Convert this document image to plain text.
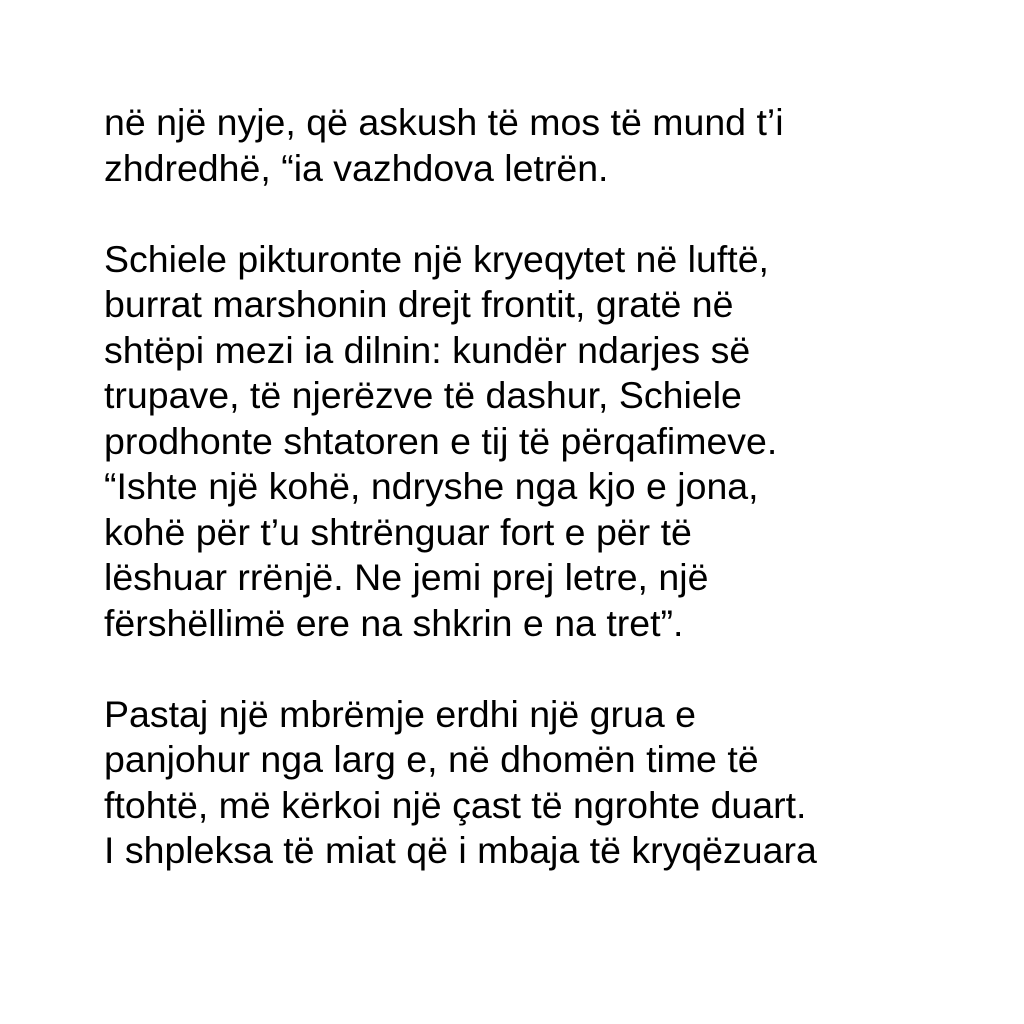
në një nyje, që askush të mos të mund t’i
zhdredhë, “ia vazhdova letrën.
Schiele pikturonte një kryeqytet në luftë,
burrat marshonin drejt frontit, gratë në
shtëpi mezi ia dilnin: kundër ndarjes së
trupave, të njerëzve të dashur, Schiele
prodhonte shtatoren e tij të përqafimeve.
“Ishte një kohë, ndryshe nga kjo e jona,
kohë për t’u shtrënguar fort e për të
lëshuar rrënjë. Ne jemi prej letre, një
fërshëllimë ere na shkrin e na tret”.
Pastaj një mbrëmje erdhi një grua e
panjohur nga larg e, në dhomën time të
ftohtë, më kërkoi një çast të ngrohte duart.
I shpleksa të miat që i mbaja të kryqëzuara
